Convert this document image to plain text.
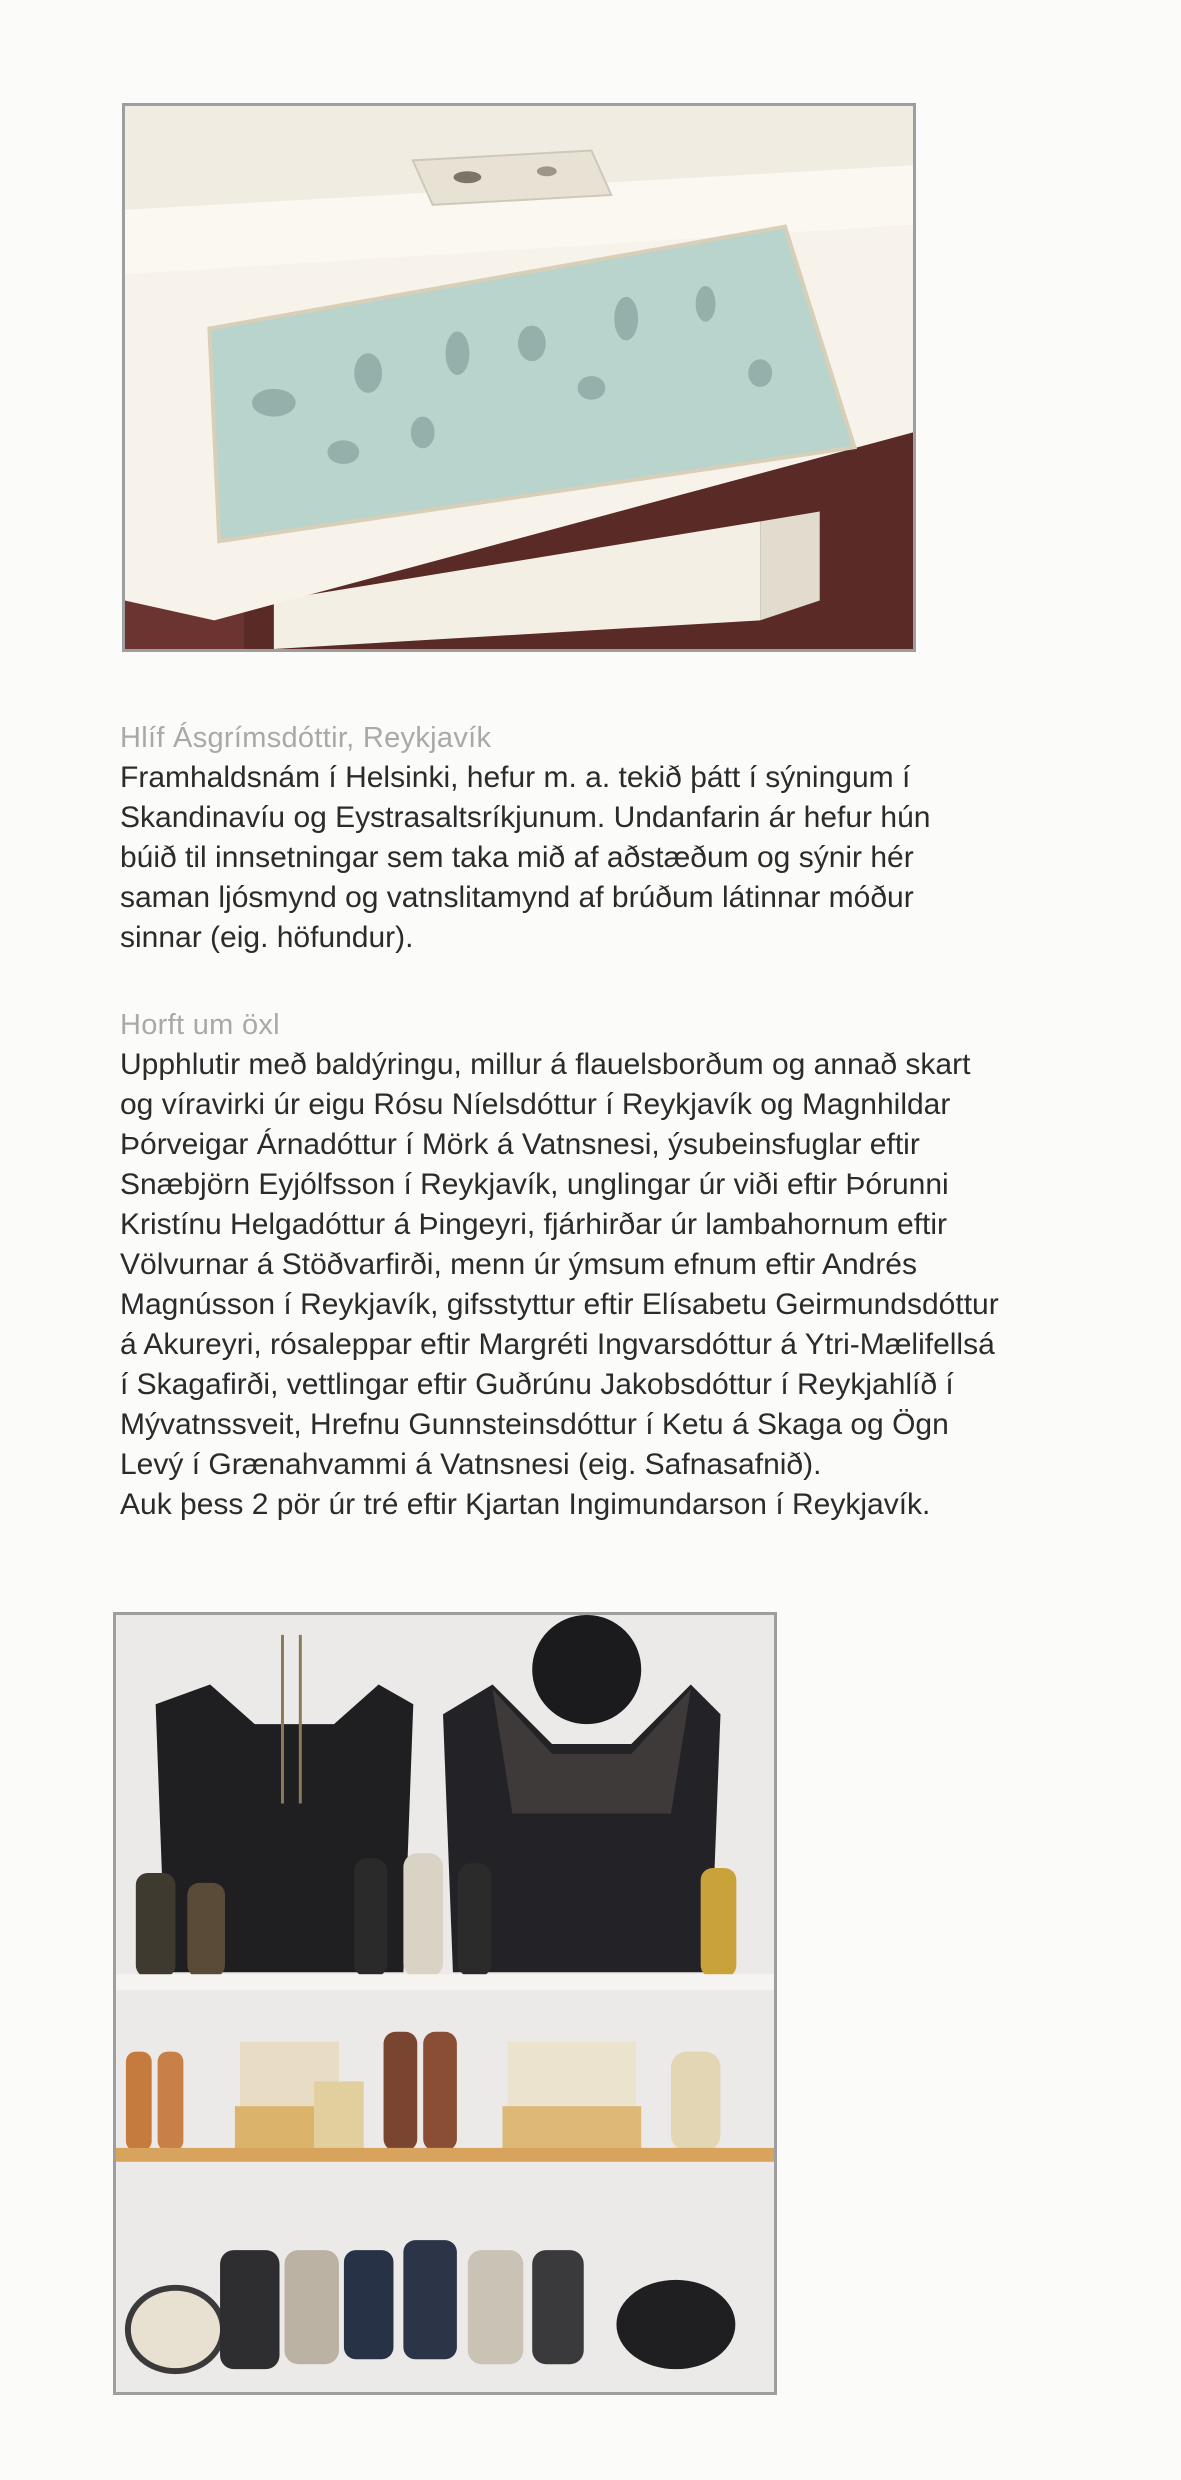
Hlíf Ásgrímsdóttir, Reykjavík
Framhaldsnám í Helsinki, hefur m. a. tekið þátt í sýningum í
Skandinavíu og Eystrasaltsríkjunum. Undanfarin ár hefur hún
búið til innsetningar sem taka mið af aðstæðum og sýnir hér
saman ljósmynd og vatnslitamynd af brúðum látinnar móður
sinnar (eig. höfundur).
Horft um öxl
Upphlutir með baldýringu, millur á flauelsborðum og annað skart
og víravirki úr eigu Rósu Níelsdóttur í Reykjavík og Magnhildar
Þórveigar Árnadóttur í Mörk á Vatnsnesi, ýsubeinsfuglar eftir
Snæbjörn Eyjólfsson í Reykjavík, unglingar úr viði eftir Þórunni
Kristínu Helgadóttur á Þingeyri, fjárhirðar úr lambahornum eftir
Völvurnar á Stöðvarfirði, menn úr ýmsum efnum eftir Andrés
Magnússon í Reykjavík, gifsstyttur eftir Elísabetu Geirmundsdóttur
á Akureyri, rósaleppar eftir Margréti Ingvarsdóttur á Ytri-Mælifellsá
í Skagafirði, vettlingar eftir Guðrúnu Jakobsdóttur í Reykjahlíð í
Mývatnssveit, Hrefnu Gunnsteinsdóttur í Ketu á Skaga og Ögn
Levý í Grænahvammi á Vatnsnesi (eig. Safnasafnið).
Auk þess 2 pör úr tré eftir Kjartan Ingimundarson í Reykjavík.
